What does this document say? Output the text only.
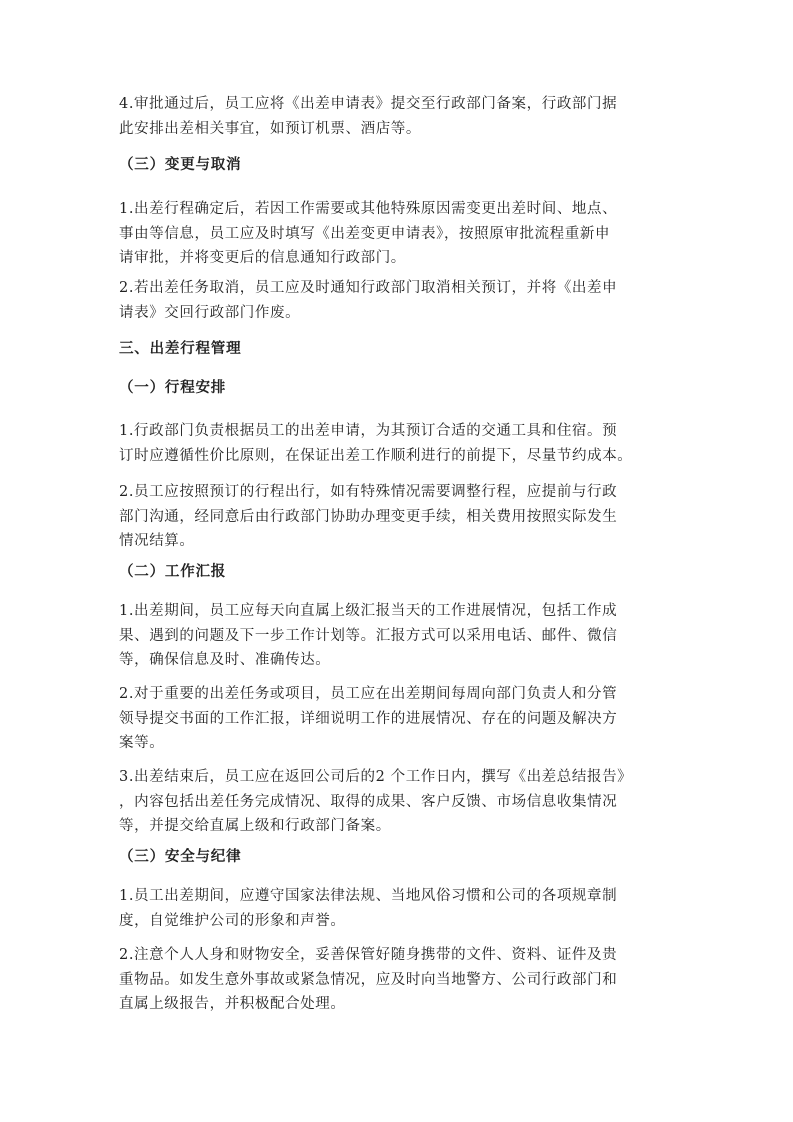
4.审批通过后，员工应将《出差申请表》提交至行政部门备案，行政部门据
此安排出差相关事宜，如预订机票、酒店等。
（三）变更与取消
1.出差行程确定后，若因工作需要或其他特殊原因需变更出差时间、地点、
事由等信息，员工应及时填写《出差变更申请表》，按照原审批流程重新申
请审批，并将变更后的信息通知行政部门。
2.若出差任务取消，员工应及时通知行政部门取消相关预订，并将《出差申
请表》交回行政部门作废。
三、出差行程管理
（一）行程安排
1.行政部门负责根据员工的出差申请，为其预订合适的交通工具和住宿。预
订时应遵循性价比原则，在保证出差工作顺利进行的前提下，尽量节约成本。
2.员工应按照预订的行程出行，如有特殊情况需要调整行程，应提前与行政
部门沟通，经同意后由行政部门协助办理变更手续，相关费用按照实际发生
情况结算。
（二）工作汇报
1.出差期间，员工应每天向直属上级汇报当天的工作进展情况，包括工作成
果、遇到的问题及下一步工作计划等。汇报方式可以采用电话、邮件、微信
等，确保信息及时、准确传达。
2.对于重要的出差任务或项目，员工应在出差期间每周向部门负责人和分管
领导提交书面的工作汇报，详细说明工作的进展情况、存在的问题及解决方
案等。
3.出差结束后，员工应在返回公司后的2 个工作日内，撰写《出差总结报告》
，内容包括出差任务完成情况、取得的成果、客户反馈、市场信息收集情况
等，并提交给直属上级和行政部门备案。
（三）安全与纪律
1.员工出差期间，应遵守国家法律法规、当地风俗习惯和公司的各项规章制
度，自觉维护公司的形象和声誉。
2.注意个人人身和财物安全，妥善保管好随身携带的文件、资料、证件及贵
重物品。如发生意外事故或紧急情况，应及时向当地警方、公司行政部门和
直属上级报告，并积极配合处理。
